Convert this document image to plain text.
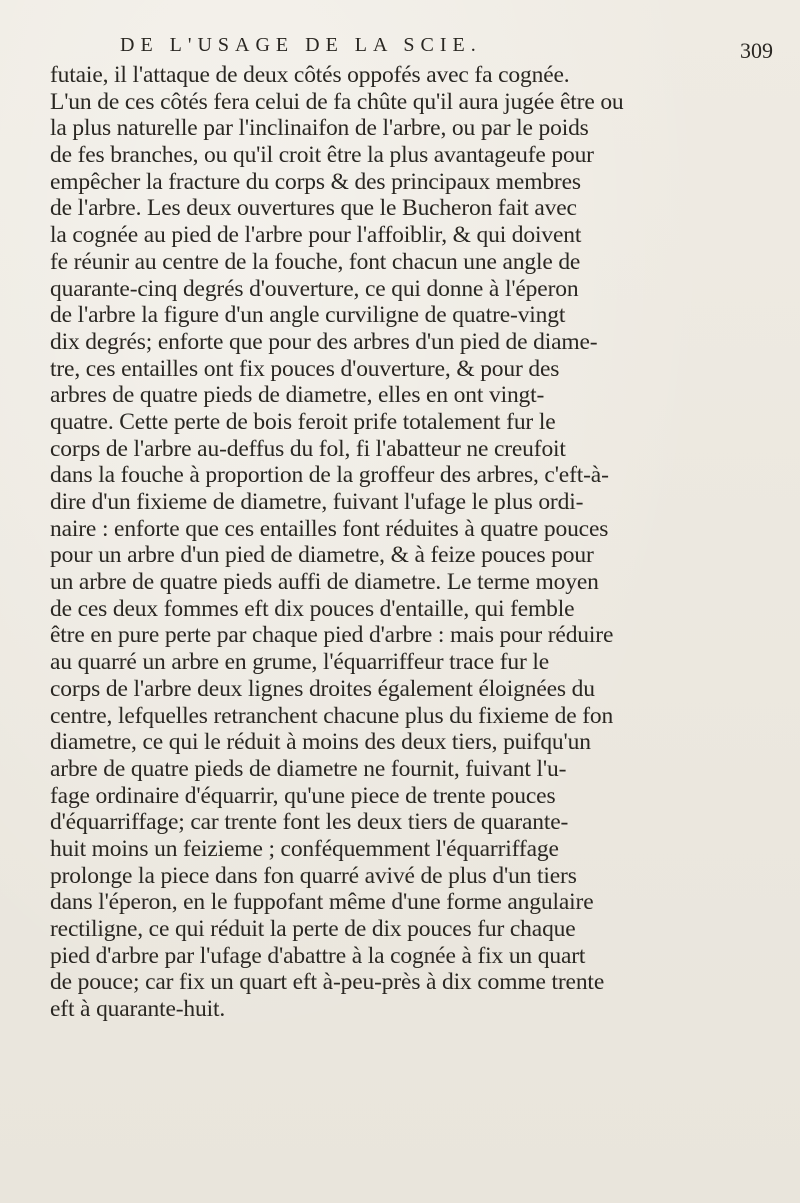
DE L'USAGE DE LA SCIE.	309
futaie, il l'attaque de deux côtés oppofés avec fa cognée.
L'un de ces côtés fera celui de fa chûte qu'il aura jugée être ou
la plus naturelle par l'inclinaifon de l'arbre, ou par le poids
de fes branches, ou qu'il croit être la plus avantageufe pour
empêcher la fracture du corps & des principaux membres
de l'arbre. Les deux ouvertures que le Bucheron fait avec
la cognée au pied de l'arbre pour l'affoiblir, & qui doivent
fe réunir au centre de la fouche, font chacun une angle de
quarante-cinq degrés d'ouverture, ce qui donne à l'éperon
de l'arbre la figure d'un angle curviligne de quatre-vingt
dix degrés; enforte que pour des arbres d'un pied de diame-
tre, ces entailles ont fix pouces d'ouverture, & pour des
arbres de quatre pieds de diametre, elles en ont vingt-
quatre. Cette perte de bois feroit prife totalement fur le
corps de l'arbre au-deffus du fol, fi l'abatteur ne creufoit
dans la fouche à proportion de la groffeur des arbres, c'eft-à-
dire d'un fixieme de diametre, fuivant l'ufage le plus ordi-
naire : enforte que ces entailles font réduites à quatre pouces
pour un arbre d'un pied de diametre, & à feize pouces pour
un arbre de quatre pieds auffi de diametre. Le terme moyen
de ces deux fommes eft dix pouces d'entaille, qui femble
être en pure perte par chaque pied d'arbre : mais pour réduire
au quarré un arbre en grume, l'équarriffeur trace fur le
corps de l'arbre deux lignes droites également éloignées du
centre, lefquelles retranchent chacune plus du fixieme de fon
diametre, ce qui le réduit à moins des deux tiers, puifqu'un
arbre de quatre pieds de diametre ne fournit, fuivant l'u-
fage ordinaire d'équarrir, qu'une piece de trente pouces
d'équarriffage; car trente font les deux tiers de quarante-
huit moins un feizieme ; conféquemment l'équarriffage
prolonge la piece dans fon quarré avivé de plus d'un tiers
dans l'éperon, en le fuppofant même d'une forme angulaire
rectiligne, ce qui réduit la perte de dix pouces fur chaque
pied d'arbre par l'ufage d'abattre à la cognée à fix un quart
de pouce; car fix un quart eft à-peu-près à dix comme trente
eft à quarante-huit.
